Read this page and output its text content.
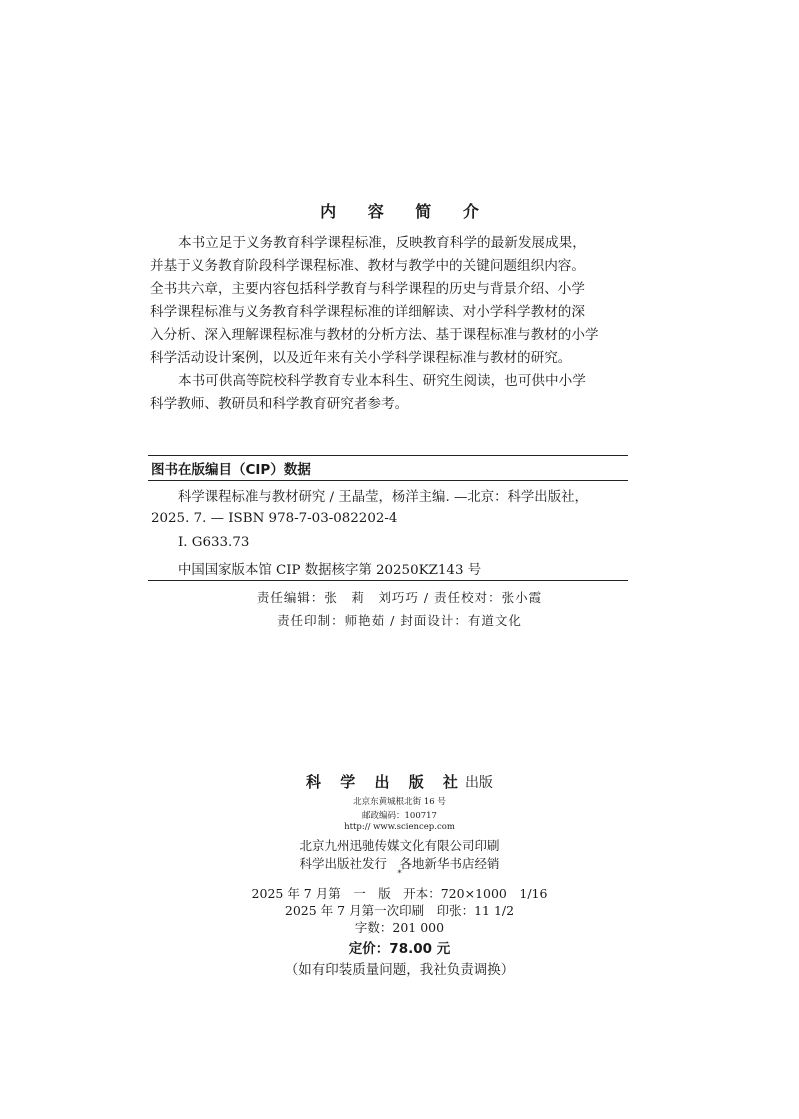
内 容 简 介
本书立足于义务教育科学课程标准，反映教育科学的最新发展成果，
并基于义务教育阶段科学课程标准、教材与教学中的关键问题组织内容。
全书共六章，主要内容包括科学教育与科学课程的历史与背景介绍、小学
科学课程标准与义务教育科学课程标准的详细解读、对小学科学教材的深
入分析、深入理解课程标准与教材的分析方法、基于课程标准与教材的小学
科学活动设计案例，以及近年来有关小学科学课程标准与教材的研究。
本书可供高等院校科学教育专业本科生、研究生阅读，也可供中小学
科学教师、教研员和科学教育研究者参考。
图书在版编目（CIP）数据
科学课程标准与教材研究 / 王晶莹，杨洋主编. —北京：科学出版社，
2025. 7. — ISBN 978-7-03-082202-4
Ⅰ. G633.73
中国国家版本馆 CIP 数据核字第 20250KZ143 号
责任编辑：张　莉　刘巧巧 / 责任校对：张小霞
责任印制：师艳茹 / 封面设计：有道文化
科 学 出 版 社出版
北京东黄城根北街 16 号
邮政编码：100717
http:// www.sciencep.com
北京九州迅驰传媒文化有限公司印刷
科学出版社发行　各地新华书店经销
*
2025 年 7 月第　一　版　开本：720×1000　1/16
2025 年 7 月第一次印刷　印张：11 1/2
字数：201 000
定价：78.00 元
（如有印装质量问题，我社负责调换）
